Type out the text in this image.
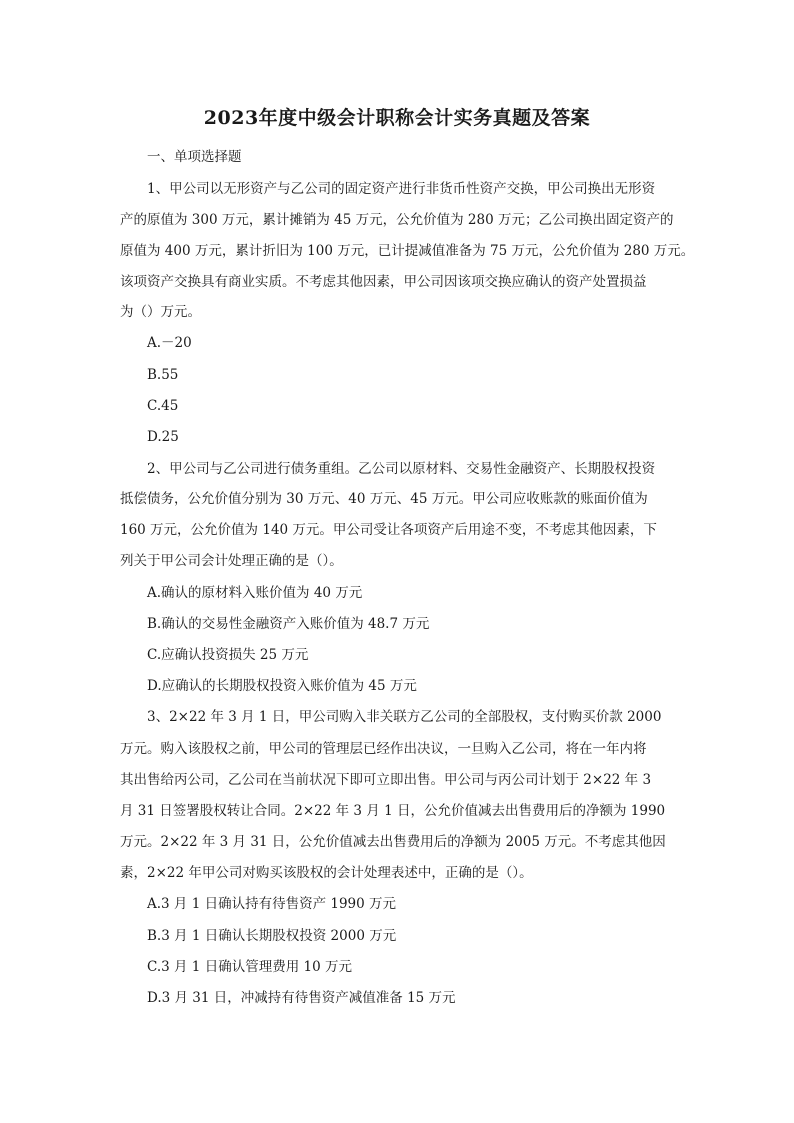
2023年度中级会计职称会计实务真题及答案
一、单项选择题
1、甲公司以无形资产与乙公司的固定资产进行非货币性资产交换，甲公司换出无形资
产的原值为 300 万元，累计摊销为 45 万元，公允价值为 280 万元；乙公司换出固定资产的
原值为 400 万元，累计折旧为 100 万元，已计提减值准备为 75 万元，公允价值为 280 万元。
该项资产交换具有商业实质。不考虑其他因素，甲公司因该项交换应确认的资产处置损益
为（）万元。
A.－20
B.55
C.45
D.25
2、甲公司与乙公司进行债务重组。乙公司以原材料、交易性金融资产、长期股权投资
抵偿债务，公允价值分别为 30 万元、40 万元、45 万元。甲公司应收账款的账面价值为
160 万元，公允价值为 140 万元。甲公司受让各项资产后用途不变，不考虑其他因素，下
列关于甲公司会计处理正确的是（）。
A.确认的原材料入账价值为 40 万元
B.确认的交易性金融资产入账价值为 48.7 万元
C.应确认投资损失 25 万元
D.应确认的长期股权投资入账价值为 45 万元
3、2×22 年 3 月 1 日，甲公司购入非关联方乙公司的全部股权，支付购买价款 2000
万元。购入该股权之前，甲公司的管理层已经作出决议，一旦购入乙公司，将在一年内将
其出售给丙公司，乙公司在当前状况下即可立即出售。甲公司与丙公司计划于 2×22 年 3
月 31 日签署股权转让合同。2×22 年 3 月 1 日，公允价值减去出售费用后的净额为 1990
万元。2×22 年 3 月 31 日，公允价值减去出售费用后的净额为 2005 万元。不考虑其他因
素，2×22 年甲公司对购买该股权的会计处理表述中，正确的是（）。
A.3 月 1 日确认持有待售资产 1990 万元
B.3 月 1 日确认长期股权投资 2000 万元
C.3 月 1 日确认管理费用 10 万元
D.3 月 31 日，冲减持有待售资产减值准备 15 万元
